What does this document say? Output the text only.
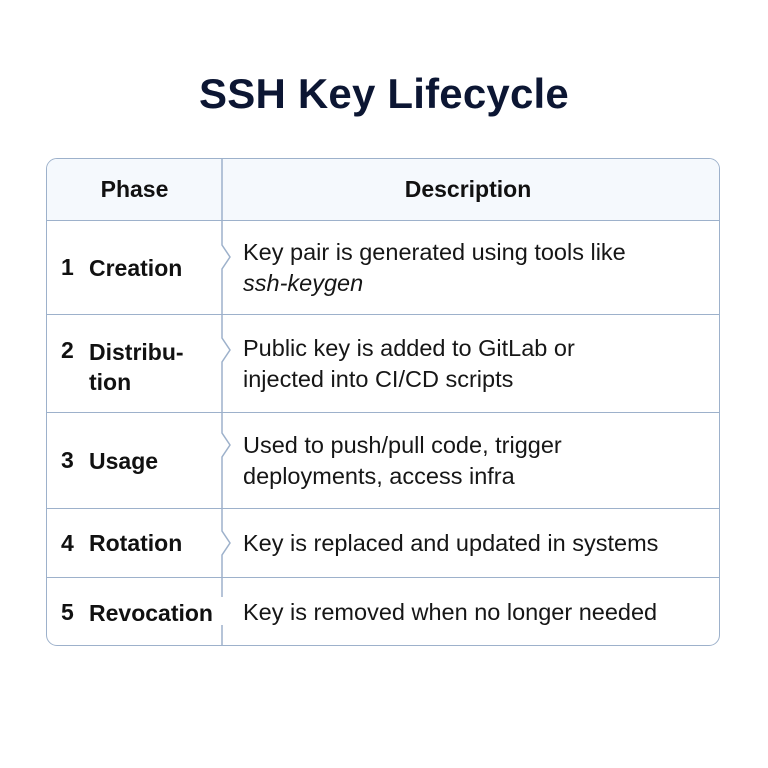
SSH Key Lifecycle
Phase	Description
1 Creation
Key pair is generated using tools like
ssh-keygen
2 Distribu-
tion
Public key is added to GitLab or
injected into CI/CD scripts
3 Usage
Used to push/pull code, trigger
deployments, access infra
4 Rotation	Key is replaced and updated in systems
5 Revocation Key is removed when no longer needed
